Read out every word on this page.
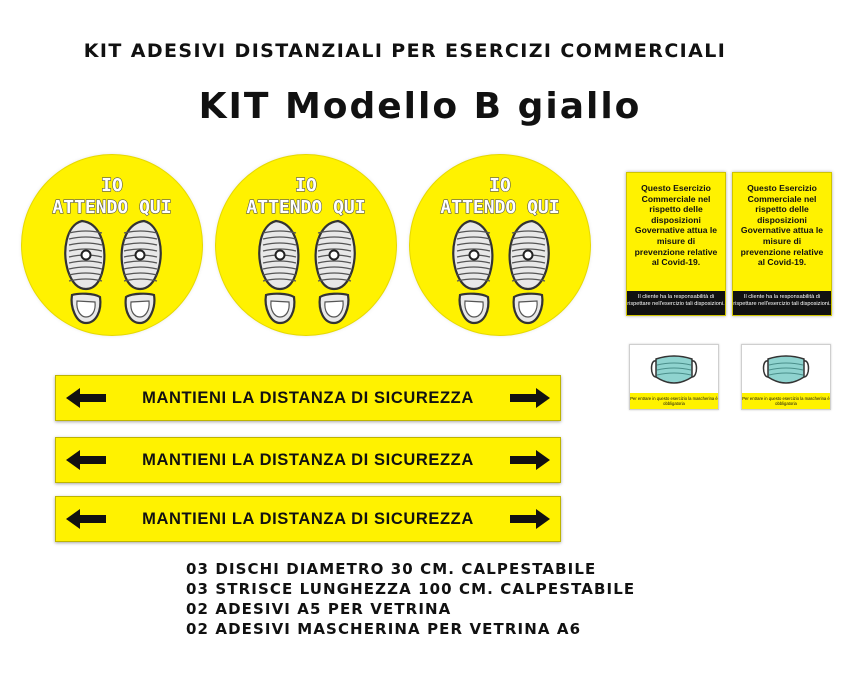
KIT ADESIVI DISTANZIALI PER ESERCIZI COMMERCIALI
KIT Modello B giallo
IO
ATTENDO QUI
IO
ATTENDO QUI
IO
ATTENDO QUI
Questo Esercizio Commerciale nel rispetto delle disposizioni Governative attua le misure di prevenzione relative al Covid-19.
Il cliente ha la responsabilità di rispettare nell'esercizio tali disposizioni.
Questo Esercizio Commerciale nel rispetto delle disposizioni Governative attua le misure di prevenzione relative al Covid-19.
Il cliente ha la responsabilità di rispettare nell'esercizio tali disposizioni.
Per entrare in questo esercizio la mascherina è obbligatoria
Per entrare in questo esercizio la mascherina è obbligatoria
MANTIENI LA DISTANZA DI SICUREZZA
MANTIENI LA DISTANZA DI SICUREZZA
MANTIENI LA DISTANZA DI SICUREZZA
03 DISCHI DIAMETRO 30 CM. CALPESTABILE
03 STRISCE LUNGHEZZA 100 CM. CALPESTABILE
02 ADESIVI A5 PER VETRINA
02 ADESIVI MASCHERINA PER VETRINA A6
